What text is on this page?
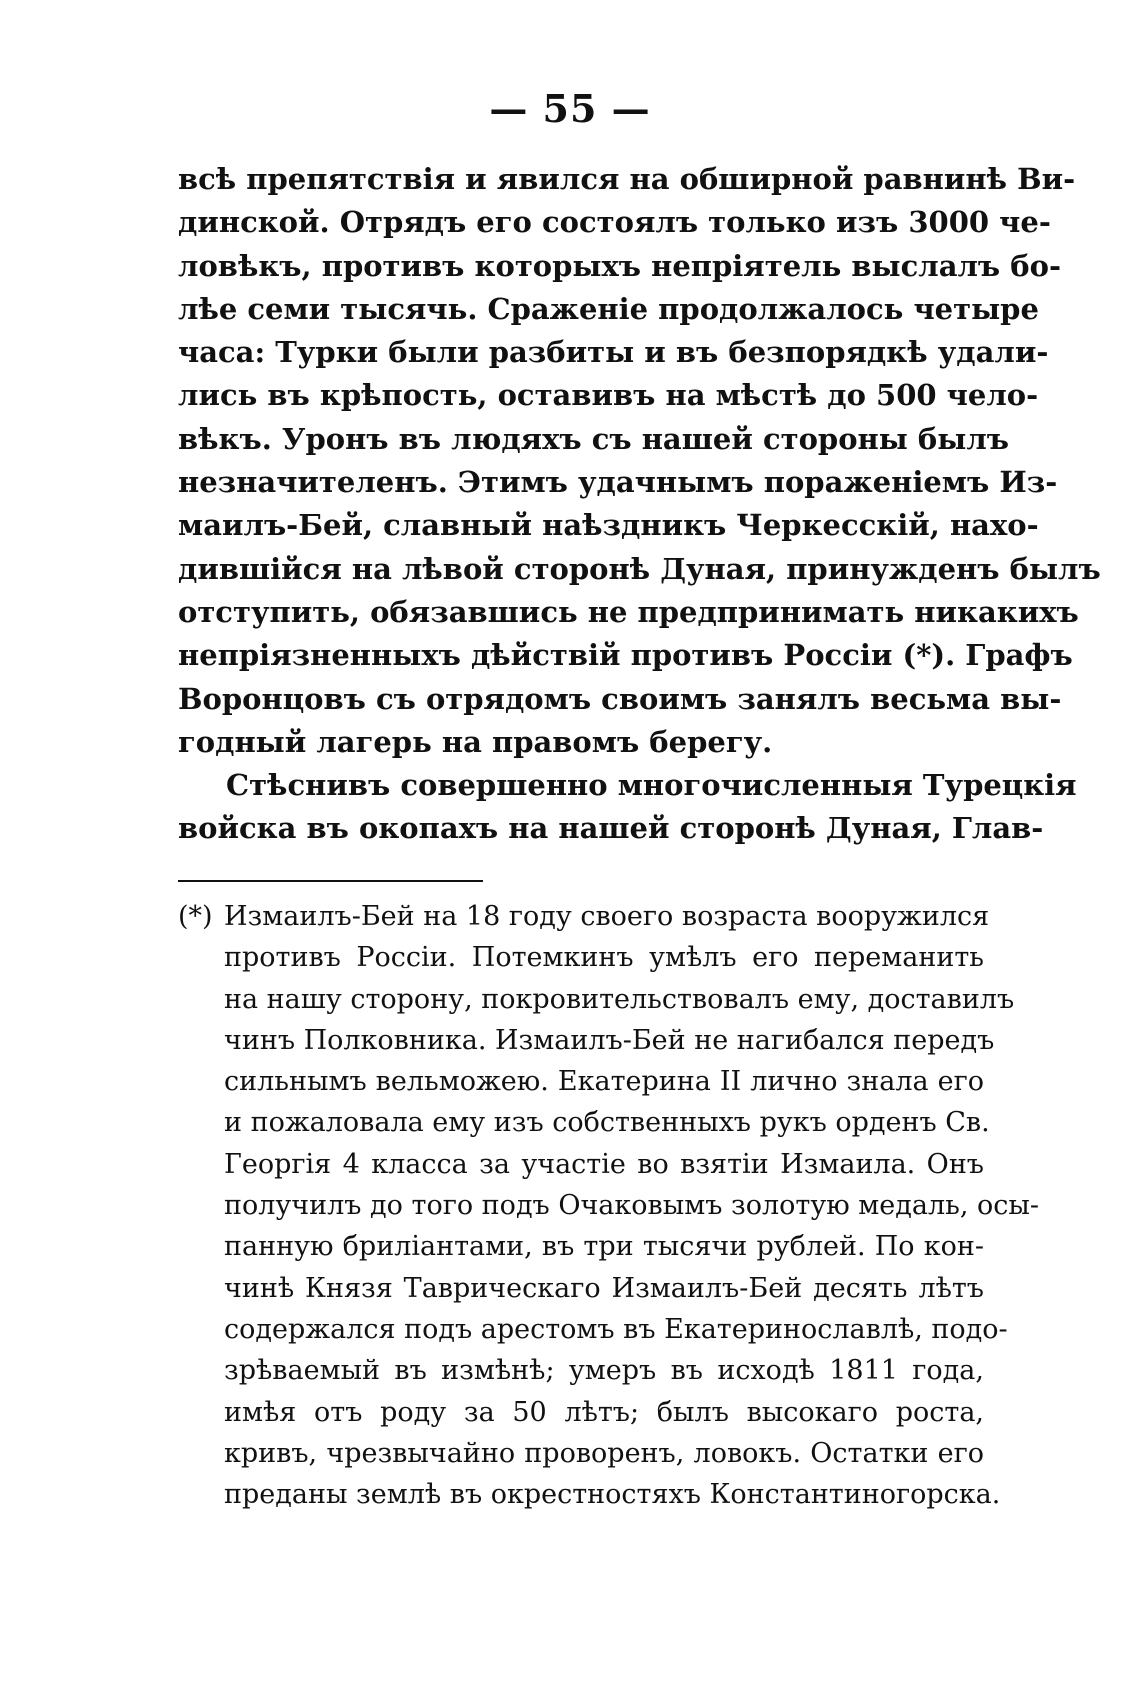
— 55 —
всѣ препятствія и явился на обширной равнинѣ Ви-
динской. Отрядъ его состоялъ только изъ 3000 че-
ловѣкъ, противъ которыхъ непріятель выслалъ бо-
лѣе семи тысячь. Сраженіе продолжалось четыре
часа: Турки были разбиты и въ безпорядкѣ удали-
лись въ крѣпость, оставивъ на мѣстѣ до 500 чело-
вѣкъ. Уронъ въ людяхъ съ нашей стороны былъ
незначителенъ. Этимъ удачнымъ пораженіемъ Из-
маилъ-Бей, славный наѣздникъ Черкесскій, нахо-
дившійся на лѣвой сторонѣ Дуная, принужденъ былъ
отступить, обязавшись не предпринимать никакихъ
непріязненныхъ дѣйствій противъ Россіи (*). Графъ
Воронцовъ съ отрядомъ своимъ занялъ весьма вы-
годный лагерь на правомъ берегу.
Стѣснивъ совершенно многочисленныя Турецкія
войска въ окопахъ на нашей сторонѣ Дуная, Глав-
(*) Измаилъ-Бей на 18 году своего возраста вооружился
противъ Россіи. Потемкинъ умѣлъ его переманить
на нашу сторону, покровительствовалъ ему, доставилъ
чинъ Полковника. Измаилъ-Бей не нагибался передъ
сильнымъ вельможею. Екатерина II лично знала его
и пожаловала ему изъ собственныхъ рукъ орденъ Св.
Георгія 4 класса за участіе во взятіи Измаила. Онъ
получилъ до того подъ Очаковымъ золотую медаль, осы-
панную бриліантами, въ три тысячи рублей. По кон-
чинѣ Князя Таврическаго Измаилъ-Бей десять лѣтъ
содержался подъ арестомъ въ Екатеринославлѣ, подо-
зрѣваемый въ измѣнѣ; умеръ въ исходѣ 1811 года,
имѣя отъ роду за 50 лѣтъ; былъ высокаго роста,
кривъ, чрезвычайно проворенъ, ловокъ. Остатки его
преданы землѣ въ окрестностяхъ Константиногорска.
